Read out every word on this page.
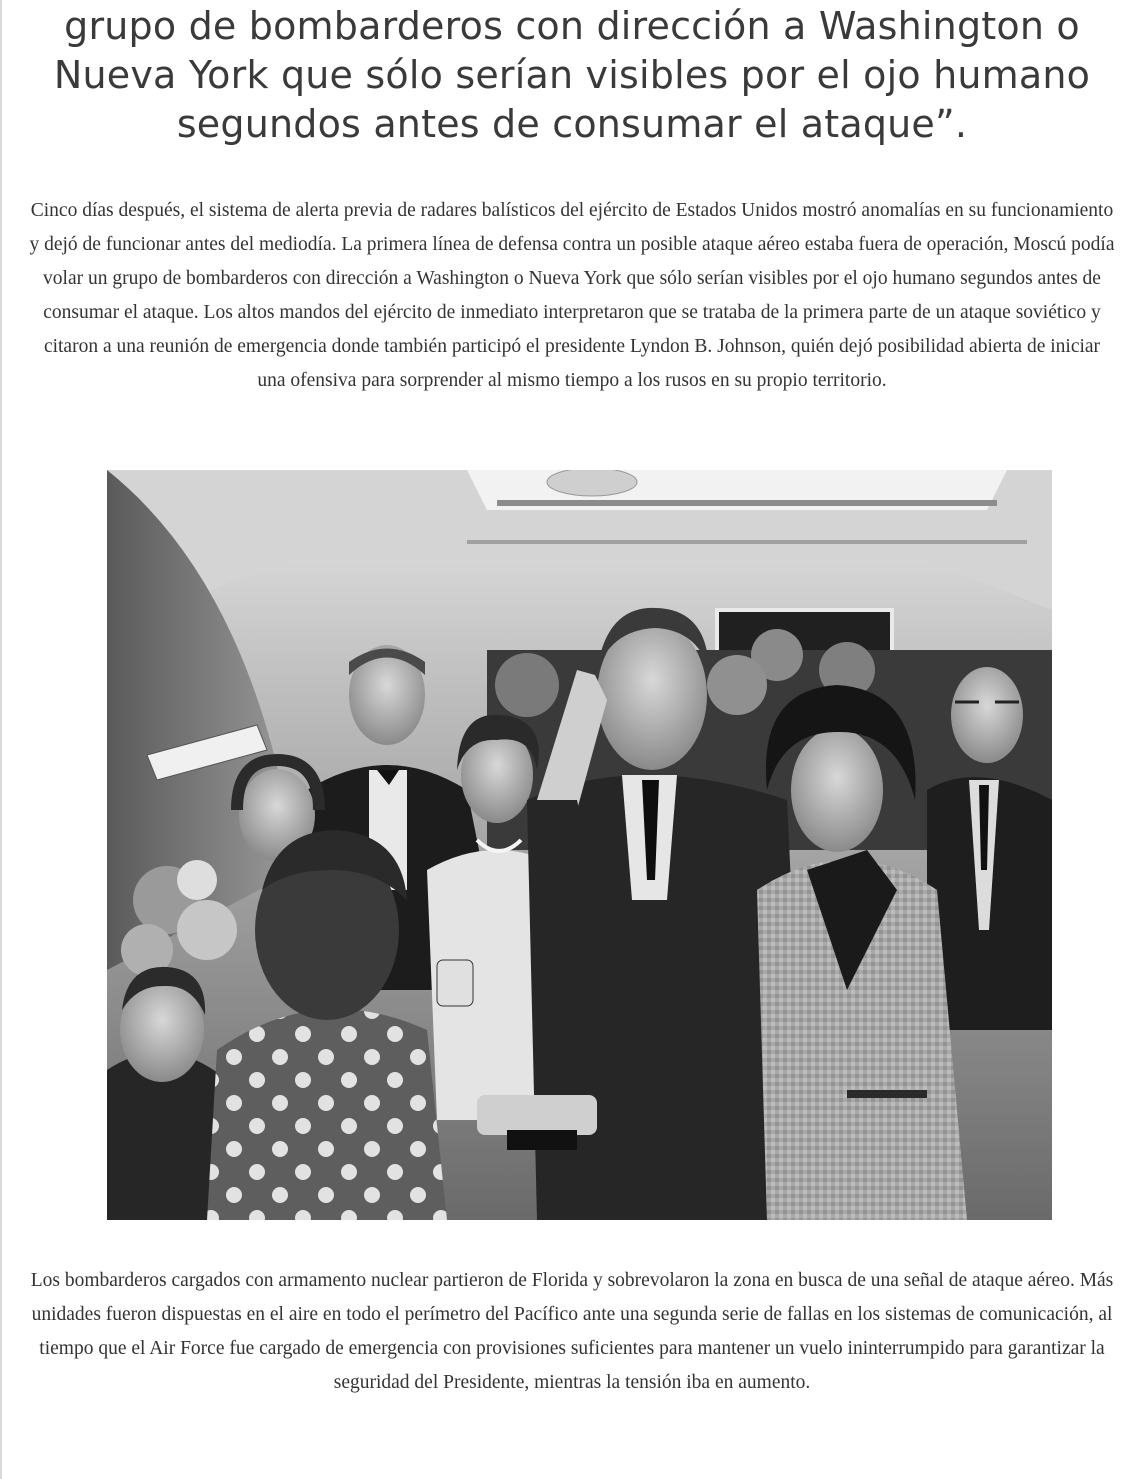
grupo de bombarderos con dirección a Washington o Nueva York que sólo serían visibles por el ojo humano segundos antes de consumar el ataque”.

Cinco días después, el sistema de alerta previa de radares balísticos del ejército de Estados Unidos mostró anomalías en su funcionamiento y dejó de funcionar antes del mediodía. La primera línea de defensa contra un posible ataque aéreo estaba fuera de operación, Moscú podía volar un grupo de bombarderos con dirección a Washington o Nueva York que sólo serían visibles por el ojo humano segundos antes de consumar el ataque. Los altos mandos del ejército de inmediato interpretaron que se trataba de la primera parte de un ataque soviético y citaron a una reunión de emergencia donde también participó el presidente Lyndon B. Johnson, quién dejó posibilidad abierta de iniciar una ofensiva para sorprender al mismo tiempo a los rusos en su propio territorio.

Los bombarderos cargados con armamento nuclear partieron de Florida y sobrevolaron la zona en busca de una señal de ataque aéreo. Más unidades fueron dispuestas en el aire en todo el perímetro del Pacífico ante una segunda serie de fallas en los sistemas de comunicación, al tiempo que el Air Force fue cargado de emergencia con provisiones suficientes para mantener un vuelo ininterrumpido para garantizar la seguridad del Presidente, mientras la tensión iba en aumento.
